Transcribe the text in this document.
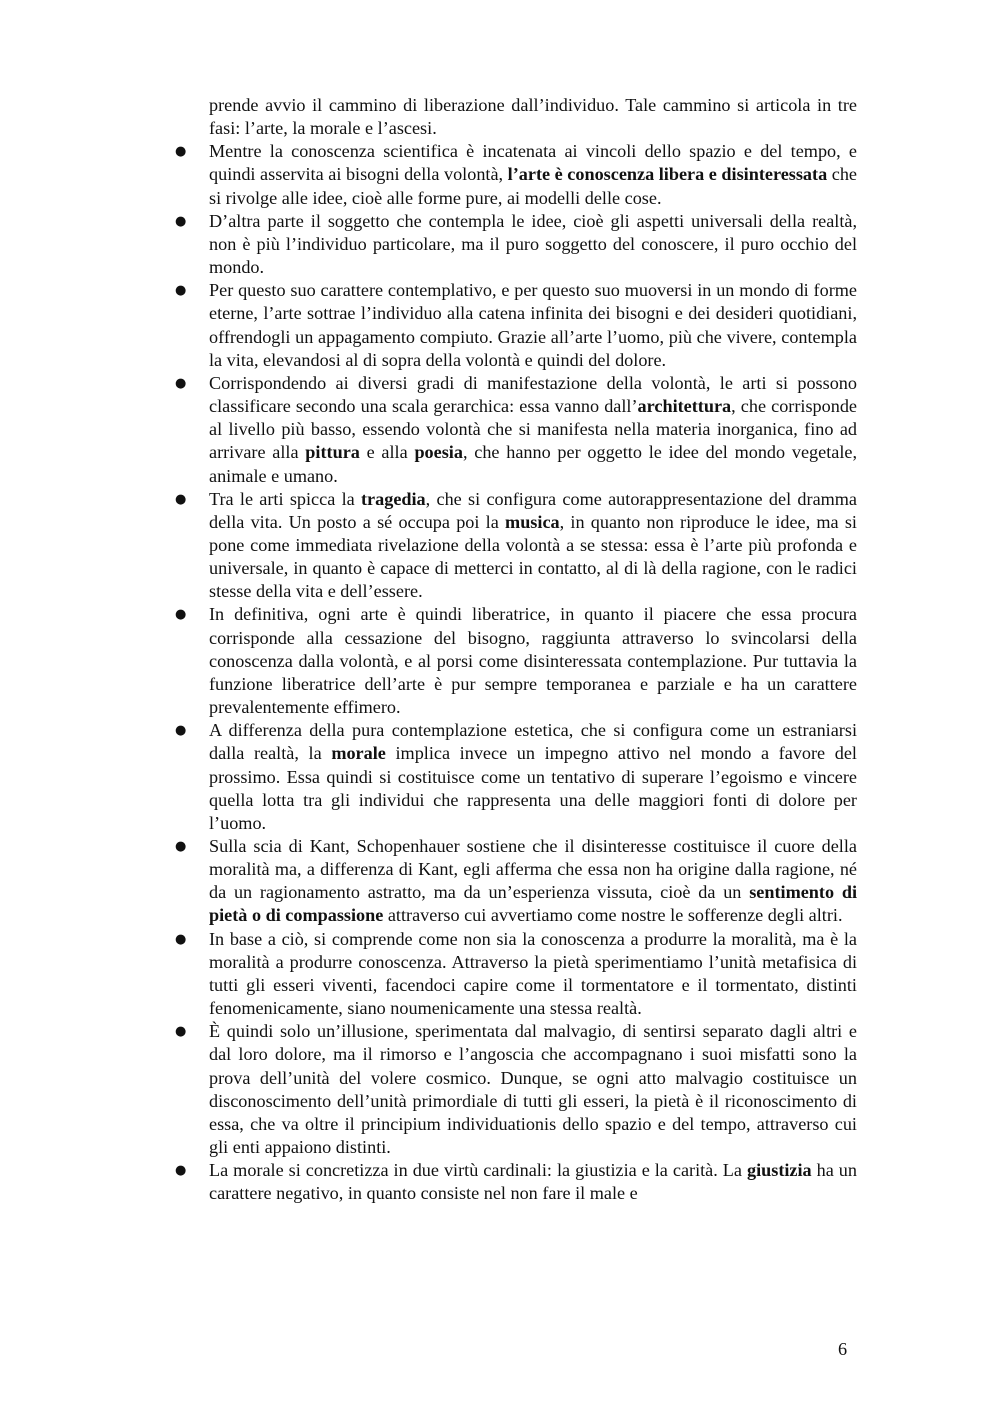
prende avvio il cammino di liberazione dall’individuo. Tale cammino si articola in tre fasi: l’arte, la morale e l’ascesi.

● Mentre la conoscenza scientifica è incatenata ai vincoli dello spazio e del tempo, e quindi asservita ai bisogni della volontà, l’arte è conoscenza libera e disinteressata che si rivolge alle idee, cioè alle forme pure, ai modelli delle cose.
● D’altra parte il soggetto che contempla le idee, cioè gli aspetti universali della realtà, non è più l’individuo particolare, ma il puro soggetto del conoscere, il puro occhio del mondo.
● Per questo suo carattere contemplativo, e per questo suo muoversi in un mondo di forme eterne, l’arte sottrae l’individuo alla catena infinita dei bisogni e dei desideri quotidiani, offrendogli un appagamento compiuto. Grazie all’arte l’uomo, più che vivere, contempla la vita, elevandosi al di sopra della volontà e quindi del dolore.
● Corrispondendo ai diversi gradi di manifestazione della volontà, le arti si possono classificare secondo una scala gerarchica: essa vanno dall’architettura, che corrisponde al livello più basso, essendo volontà che si manifesta nella materia inorganica, fino ad arrivare alla pittura e alla poesia, che hanno per oggetto le idee del mondo vegetale, animale e umano.
● Tra le arti spicca la tragedia, che si configura come autorappresentazione del dramma della vita. Un posto a sé occupa poi la musica, in quanto non riproduce le idee, ma si pone come immediata rivelazione della volontà a se stessa: essa è l’arte più profonda e universale, in quanto è capace di metterci in contatto, al di là della ragione, con le radici stesse della vita e dell’essere.
● In definitiva, ogni arte è quindi liberatrice, in quanto il piacere che essa procura corrisponde alla cessazione del bisogno, raggiunta attraverso lo svincolarsi della conoscenza dalla volontà, e al porsi come disinteressata contemplazione. Pur tuttavia la funzione liberatrice dell’arte è pur sempre temporanea e parziale e ha un carattere prevalentemente effimero.
● A differenza della pura contemplazione estetica, che si configura come un estraniarsi dalla realtà, la morale implica invece un impegno attivo nel mondo a favore del prossimo. Essa quindi si costituisce come un tentativo di superare l’egoismo e vincere quella lotta tra gli individui che rappresenta una delle maggiori fonti di dolore per l’uomo.
● Sulla scia di Kant, Schopenhauer sostiene che il disinteresse costituisce il cuore della moralità ma, a differenza di Kant, egli afferma che essa non ha origine dalla ragione, né da un ragionamento astratto, ma da un’esperienza vissuta, cioè da un sentimento di pietà o di compassione attraverso cui avvertiamo come nostre le sofferenze degli altri.
● In base a ciò, si comprende come non sia la conoscenza a produrre la moralità, ma è la moralità a produrre conoscenza. Attraverso la pietà sperimentiamo l’unità metafisica di tutti gli esseri viventi, facendoci capire come il tormentatore e il tormentato, distinti fenomenicamente, siano noumenicamente una stessa realtà.
● È quindi solo un’illusione, sperimentata dal malvagio, di sentirsi separato dagli altri e dal loro dolore, ma il rimorso e l’angoscia che accompagnano i suoi misfatti sono la prova dell’unità del volere cosmico. Dunque, se ogni atto malvagio costituisce un disconoscimento dell’unità primordiale di tutti gli esseri, la pietà è il riconoscimento di essa, che va oltre il principium individuationis dello spazio e del tempo, attraverso cui gli enti appaiono distinti.
● La morale si concretizza in due virtù cardinali: la giustizia e la carità. La giustizia ha un carattere negativo, in quanto consiste nel non fare il male e
6
